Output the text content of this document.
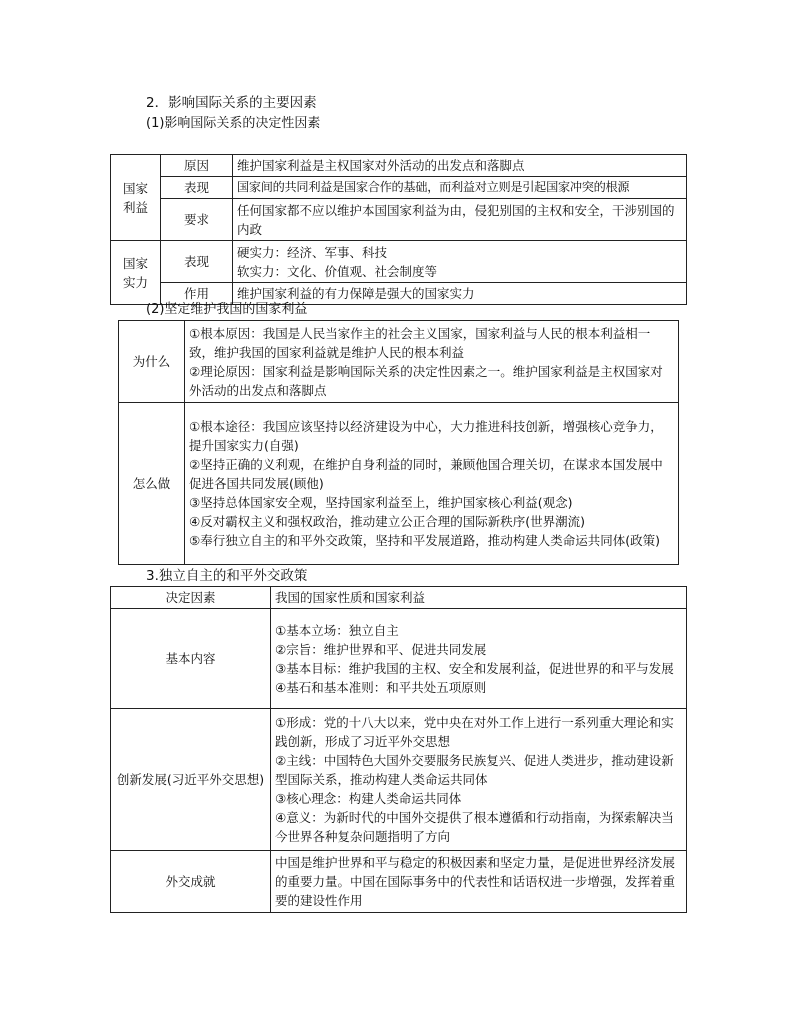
2．影响国际关系的主要因素
(1)影响国际关系的决定性因素
国家
利益	原因	维护国家利益是主权国家对外活动的出发点和落脚点
	表现	国家间的共同利益是国家合作的基础，而利益对立则是引起国家冲突的根源
	要求	任何国家都不应以维护本国国家利益为由，侵犯别国的主权和安全，干涉别国的内政

国家
实力	表现	硬实力：经济、军事、科技
软实力：文化、价值观、社会制度等

	作用	维护国家利益的有力保障是强大的国家实力
(2)坚定维护我国的国家利益
为什么	①根本原因：我国是人民当家作主的社会主义国家，国家利益与人民的根本利益相一致，维护我国的国家利益就是维护人民的根本利益
②理论原因：国家利益是影响国际关系的决定性因素之一。维护国家利益是主权国家对外活动的出发点和落脚点

怎么做	①根本途径：我国应该坚持以经济建设为中心，大力推进科技创新，增强核心竞争力，提升国家实力(自强)
②坚持正确的义利观，在维护自身利益的同时，兼顾他国合理关切，在谋求本国发展中促进各国共同发展(顾他)
③坚持总体国家安全观，坚持国家利益至上，维护国家核心利益(观念)
④反对霸权主义和强权政治，推动建立公正合理的国际新秩序(世界潮流)
⑤奉行独立自主的和平外交政策，坚持和平发展道路，推动构建人类命运共同体(政策)
3.独立自主的和平外交政策
决定因素	我国的国家性质和国家利益
基本内容	①基本立场：独立自主
②宗旨：维护世界和平、促进共同发展
③基本目标：维护我国的主权、安全和发展利益，促进世界的和平与发展
④基石和基本准则：和平共处五项原则

创新发展(习近平外交思想)	①形成：党的十八大以来，党中央在对外工作上进行一系列重大理论和实践创新，形成了习近平外交思想
②主线：中国特色大国外交要服务民族复兴、促进人类进步，推动建设新型国际关系，推动构建人类命运共同体
③核心理念：构建人类命运共同体
④意义：为新时代的中国外交提供了根本遵循和行动指南，为探索解决当今世界各种复杂问题指明了方向

外交成就	中国是维护世界和平与稳定的积极因素和坚定力量，是促进世界经济发展的重要力量。中国在国际事务中的代表性和话语权进一步增强，发挥着重要的建设性作用
